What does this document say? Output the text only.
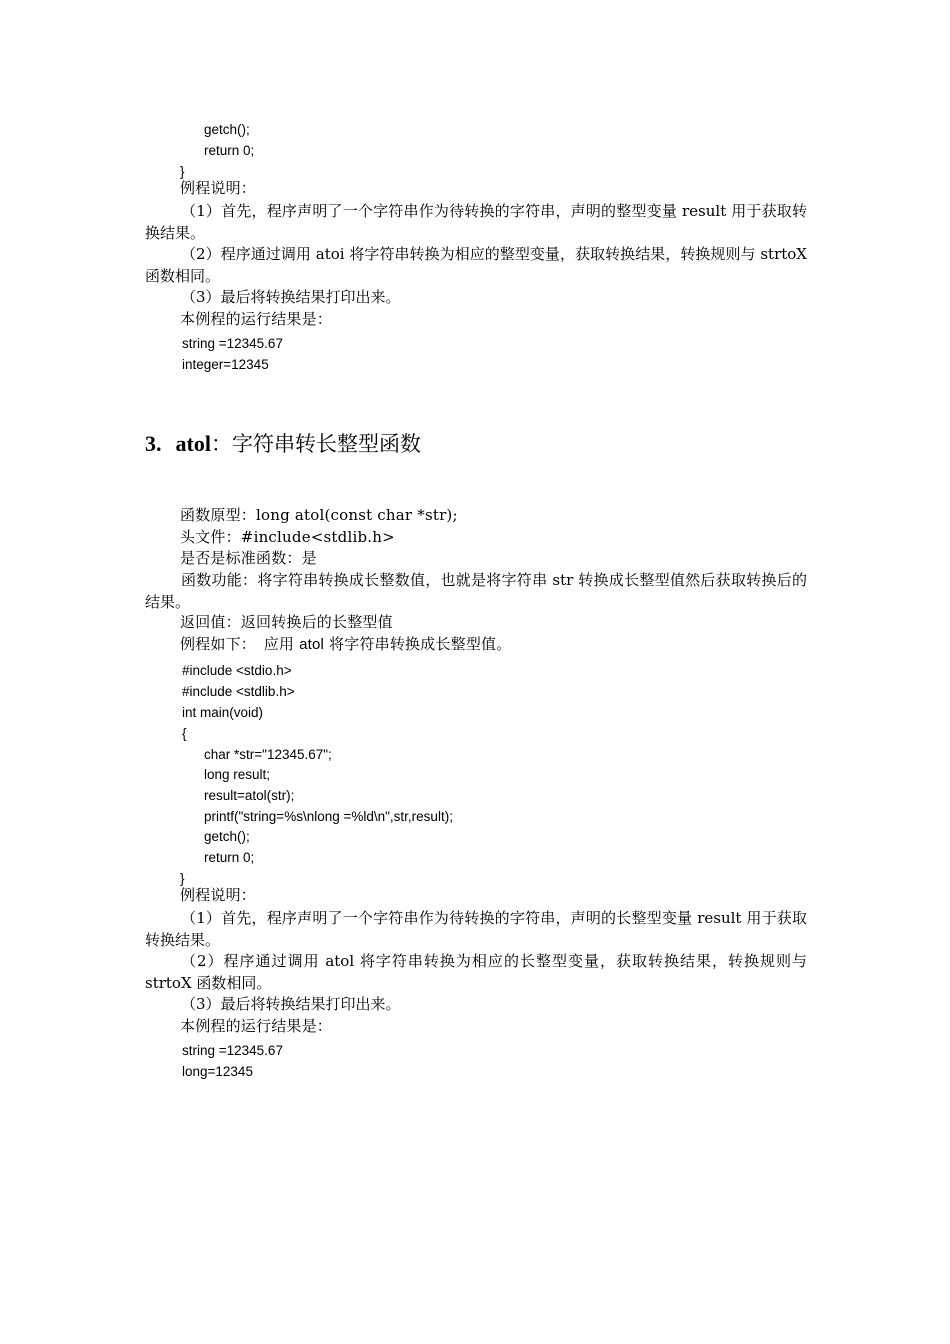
getch();
return 0;
}
例程说明：
（1）首先，程序声明了一个字符串作为待转换的字符串，声明的整型变量 result 用于获取转换结果。
（2）程序通过调用 atoi 将字符串转换为相应的整型变量，获取转换结果，转换规则与 strtoX 函数相同。
（3）最后将转换结果打印出来。
本例程的运行结果是：
string =12345.67
integer=12345
3. atol：字符串转长整型函数
函数原型：long atol(const char *str);
头文件：#include<stdlib.h>
是否是标准函数：是
函数功能：将字符串转换成长整数值，也就是将字符串 str 转换成长整型值然后获取转换后的结果。
返回值：返回转换后的长整型值
例程如下：　应用 atol 将字符串转换成长整型值。
#include <stdio.h>
#include <stdlib.h>
int main(void)
{
char *str="12345.67";
long result;
result=atol(str);
printf("string=%s\nlong =%ld\n",str,result);
getch();
return 0;
}
例程说明：
（1）首先，程序声明了一个字符串作为待转换的字符串，声明的长整型变量 result 用于获取转换结果。
（2）程序通过调用 atol 将字符串转换为相应的长整型变量，获取转换结果，转换规则与 strtoX 函数相同。
（3）最后将转换结果打印出来。
本例程的运行结果是：
string =12345.67
long=12345
